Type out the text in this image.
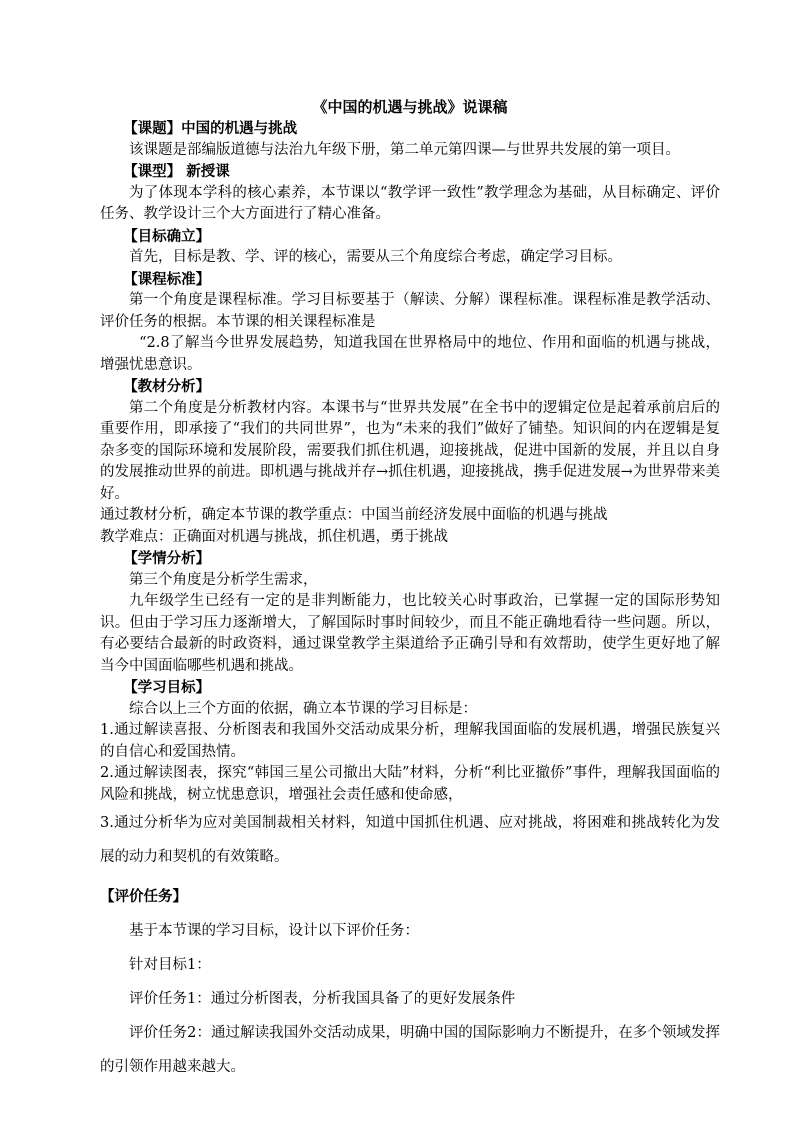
《中国的机遇与挑战》说课稿
【课题】中国的机遇与挑战
该课题是部编版道德与法治九年级下册，第二单元第四课—与世界共发展的第一项目。
【课型】 新授课
为了体现本学科的核心素养，本节课以“教学评一致性”教学理念为基础，从目标确定、评价任务、教学设计三个大方面进行了精心准备。
【目标确立】
首先，目标是教、学、评的核心，需要从三个角度综合考虑，确定学习目标。
【课程标准】
第一个角度是课程标准。学习目标要基于（解读、分解）课程标准。课程标准是教学活动、评价任务的根据。本节课的相关课程标准是
“2.8了解当今世界发展趋势，知道我国在世界格局中的地位、作用和面临的机遇与挑战，增强忧患意识。
【教材分析】
第二个角度是分析教材内容。本课书与“世界共发展”在全书中的逻辑定位是起着承前启后的重要作用，即承接了“我们的共同世界”，也为“未来的我们”做好了铺垫。知识间的内在逻辑是复杂多变的国际环境和发展阶段，需要我们抓住机遇，迎接挑战，促进中国新的发展，并且以自身的发展推动世界的前进。即机遇与挑战并存→抓住机遇，迎接挑战，携手促进发展→为世界带来美好。
通过教材分析，确定本节课的教学重点：中国当前经济发展中面临的机遇与挑战
教学难点：正确面对机遇与挑战，抓住机遇，勇于挑战
【学情分析】
第三个角度是分析学生需求，
九年级学生已经有一定的是非判断能力，也比较关心时事政治，已掌握一定的国际形势知识。但由于学习压力逐渐增大，了解国际时事时间较少，而且不能正确地看待一些问题。所以，有必要结合最新的时政资料，通过课堂教学主渠道给予正确引导和有效帮助，使学生更好地了解当今中国面临哪些机遇和挑战。
【学习目标】
综合以上三个方面的依据，确立本节课的学习目标是：
1.通过解读喜报、分析图表和我国外交活动成果分析，理解我国面临的发展机遇，增强民族复兴的自信心和爱国热情。
2.通过解读图表，探究“韩国三星公司撤出大陆”材料，分析“利比亚撤侨”事件，理解我国面临的风险和挑战，树立忧患意识，增强社会责任感和使命感，
3.通过分析华为应对美国制裁相关材料，知道中国抓住机遇、应对挑战，将困难和挑战转化为发展的动力和契机的有效策略。
【评价任务】
基于本节课的学习目标，设计以下评价任务：
针对目标1：
评价任务1：通过分析图表，分析我国具备了的更好发展条件
评价任务2：通过解读我国外交活动成果，明确中国的国际影响力不断提升，在多个领域发挥的引领作用越来越大。
